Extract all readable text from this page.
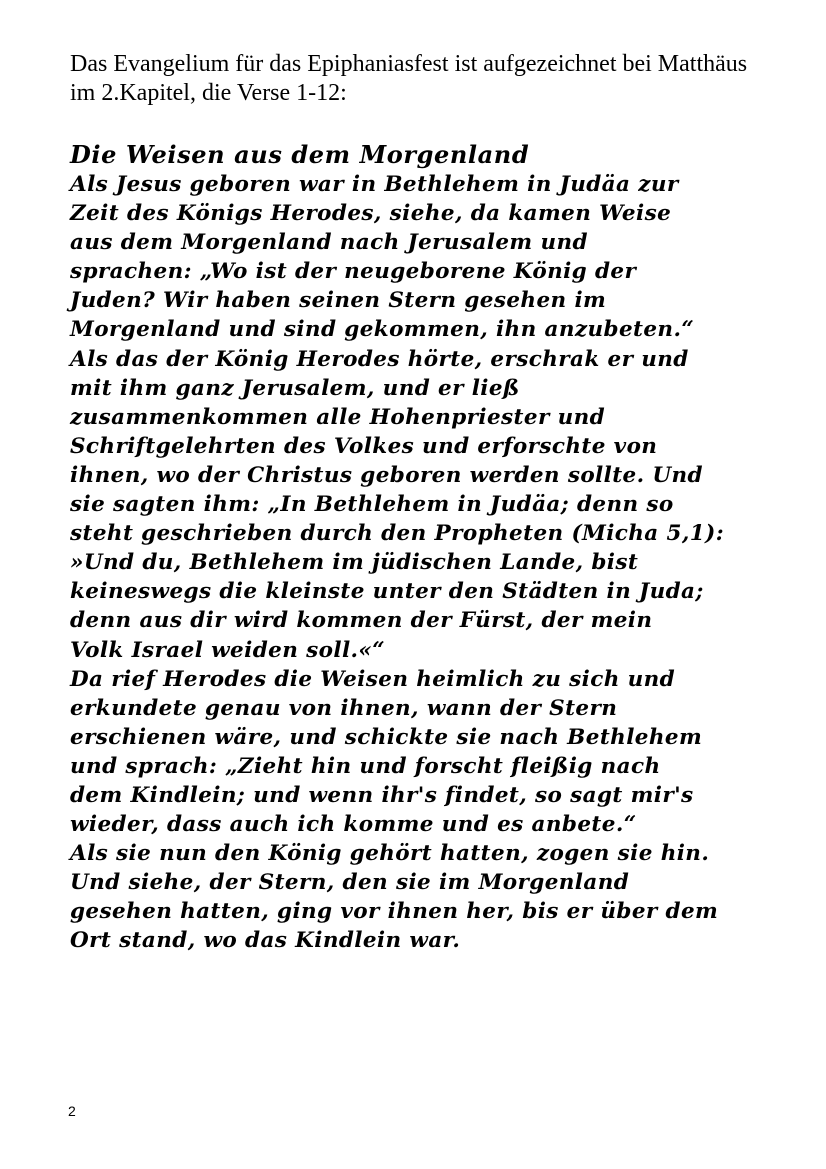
Das Evangelium für das Epiphaniasfest ist aufgezeichnet bei Matthäus
im 2.Kapitel, die Verse 1-12:

Die Weisen aus dem Morgenland

Als Jesus geboren war in Bethlehem in Judäa zur
Zeit des Königs Herodes, siehe, da kamen Weise
aus dem Morgenland nach Jerusalem und
sprachen: „Wo ist der neugeborene König der
Juden? Wir haben seinen Stern gesehen im
Morgenland und sind gekommen, ihn anzubeten.“
Als das der König Herodes hörte, erschrak er und
mit ihm ganz Jerusalem, und er ließ
zusammenkommen alle Hohenpriester und
Schriftgelehrten des Volkes und erforschte von
ihnen, wo der Christus geboren werden sollte. Und
sie sagten ihm: „In Bethlehem in Judäa; denn so
steht geschrieben durch den Propheten (Micha 5,1):
»Und du, Bethlehem im jüdischen Lande, bist
keineswegs die kleinste unter den Städten in Juda;
denn aus dir wird kommen der Fürst, der mein
Volk Israel weiden soll.«“
Da rief Herodes die Weisen heimlich zu sich und
erkundete genau von ihnen, wann der Stern
erschienen wäre, und schickte sie nach Bethlehem
und sprach: „Zieht hin und forscht fleißig nach
dem Kindlein; und wenn ihr's findet, so sagt mir's
wieder, dass auch ich komme und es anbete.“
Als sie nun den König gehört hatten, zogen sie hin.
Und siehe, der Stern, den sie im Morgenland
gesehen hatten, ging vor ihnen her, bis er über dem
Ort stand, wo das Kindlein war.

2
